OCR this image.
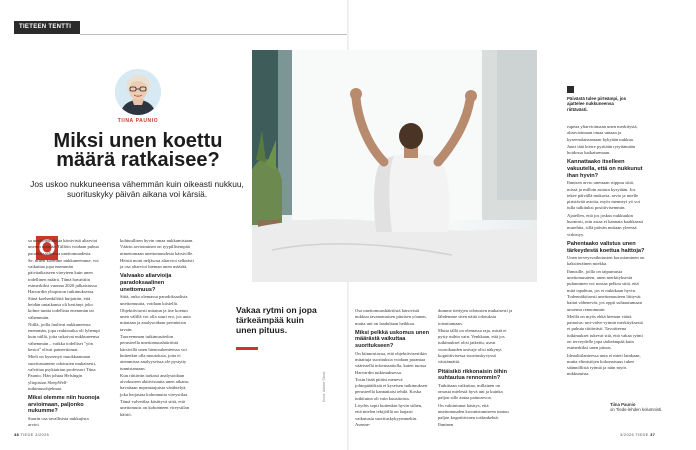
TIETEEN TENTTI
TIINA PAUNIO
Miksi unen koettu määrä ratkaisee?
Jos uskoo nukkuneensa vähemmän kuin oikeasti nukkuu, suorituskyky päivän aikana voi kärsiä.
O

sa unettomuudesta kärsivistä aliarvioi unensa määrää. Tällöin voidaan puhua paradoksaalisesta unettomuudesta.

Se, miten koemme nukkuneemme, voi vaikuttaa jopa enemmän päiväaikaiseen vireyteen kuin unen todellinen määrä. Tämä havaittiin esimerkiksi vuonna 2020 julkaistussa Harvardin yliopiston tutkimuksessa. Siinä koehenkilöitä huijattiin, että heidän uniaikansa oli kestänyt joko kolme tuntia todellista enemmän tai vähemmän.

Niillä, joilla luulivat nukkuneensa enemmän, jopa reaktioaika oli lyhempi kuin niillä, joita uskoivat nukkuneensa vähemmän – vaikka todelliset "yön kestot" olivat paineettomat.

Mielt on kyseenyö muokkaamaan suoritustamme odotusten mukaisesti, valvittaa psykiatrian professori Tiina Paunio. Hän johtaa Helsingin yliopiston SleepWell-tutkimusohjelmaa.

Miksi olemme niin huonoja arvioimaan, paljonko nukumme?

Suurin osa tavallisista nukkujista arvioi

kohtuullisen hyvin omaa nukkumistaan. Väärin arvioiminen on tyypillisempää nimenomaan unettomuudesta kärsiville.

Heistä moni neljäsosa aliarvioi selkeästi ja osa aliarvioi hieman unen määrää.

Valvaako aliarvioija paradoksaalinen unettomuus?

Siitä, onko olemassa paradoksaalista unettomuutta, voidaan kiistellä.

Objektiivisesti mitatun ja itse koetun unen välillä voi olla suuri ero, jos unta mitataan ja analysoidaan perinteisin tavoin.

Tuoreemman tutkimustiedon perusteella unettomuushäiriöstä kärsivillä unen hienorakenteessa voi kuitenkin olla muutoksia, joita ei aiemmissa analyyseissa ole pystytty tunnistamaan.

Kun riittävän tarkasti analysoidaan aivokuoren aktiivisuutta unen aikana, havaitaan nopeataajuista värähtelyä, joka heijastaa kohonnutta vireystilaa.

Tämä valvetilaa käsittyvä siitä, että unettomuus on kohonneen vireystilan häiriö.

Osa unettomuushäiriöstä kärsivistä nukkuu tavanomaisen pituisen yöunen, mutta uni on laadultaan heikkoa.

Miksi pelkkä uskomus unen määrästä vaikuttaa suoritukseen?

On kiinnostavaa, että objektiivisestikin mitattuja suorituksia voidaan parantaa vääristellä informaatiolla, kuten tuossa Harvardin tutkimuksessa.

Tosin lisää pitäisi menevä johtopäätöksiä ei kyseisen tutkimuksen perusteella kannattaisi tehdä. Koska tutkituina oli vain kuusitoista.

Löydös sopii kuitenkin hyvin siihen, että mielen tekijöillä on laajasti vaikutusta suorituskykyymmekin. Asenne-

dumme tiettyjen odotusten mukaisesti ja lähdemme siten näitä odotuksia toteuttamaan.

Mutta tällä on olemassa raja, mistä ei pysty mihin vain. Venkkaan, että jos tutkimukset olisi jatkettu, useat vuorokauden univaje olisi näkynyt kognitiivisessa suorituskyvyssä väistämättä.

Pitäisikö rikkonaisin öihin suhtautua rennommin?

Tutkittaan vaikuttaa, millainen on omasta mielestä hyvä uni ja kuinka paljon sille antaa painoarvoa.

On vakiintunut käsitys, että unettomuuden kroonistumiseen tuntuu paljon kognitiivinen toidankehtä. Ihminen

rupeaa yliarvioimaan unen merkitystä, aliarvioimaan omaa untaan ja kyseenalaistamaan kykyään nukkua.

Juuri tätä kierre pyritään rytyttämään hoidossa katkaisemaan.

Kannattaako itselleen vakuutella, että on nukkunut ihan hyvin?

Ihmisen arvio unestaan riippuu siitä, missä ja milloin asiasta kysytään. Jos tekee päivällä mukavia, arvio ja mielle piristävää asioita, myös menneyt yö voi tulla tulkituksi positiivisemmin.

Ajatellen, että jos joskus nukkuukin huonosti, niin asiaa ei kannata kaahkaasti murehtia, sillä päivän mittaan yleensä virkistyy.

Pahentaako valistus unen tärkeydestä koettua haittoja?

Unen terveysvaikutusten korostaminen on kaksiteräinen miekka.

Ihmisille, joilla on taipumusta unettomuuteen, unen merkityksestä puhuminen voi nostaa pelkoa siitä, että mitä tapahtuu, jos ei nukukaan hyvin. Todennäköisesti unettomuuteen liittyvät haitat vähenevät, jos oppii suhtautumaan unoensa rennommin.

Meillä on myös ehkä hieman väärä painotus: uni-valve-rytmin merkityksestä ei puhuta riittävästi. Tavoitteena tutkimukset tukevat sitä, että vakaa rytmi on terveydelle jopa tärkeämpää kuin esimerkiksi unen pituus.

Ideaalitilanteessa unta ei mieti lainkaan, mutta elimistöjen kokonaisuus tukee säännöllistä rytmiä ja näin myös nukkumista.

Kuva: Adobe Stock
Päivästä tulee pirteämpi, jos ajattelee nukkuneensa riittävästi.
Vakaa rytmi on jopa tärkeämpää kuin unen pituus.
Tiina Paunio
on Tiede-lehden kolumnisti.
38 TIEDE 3/2026	3/2026 TIEDE 37
